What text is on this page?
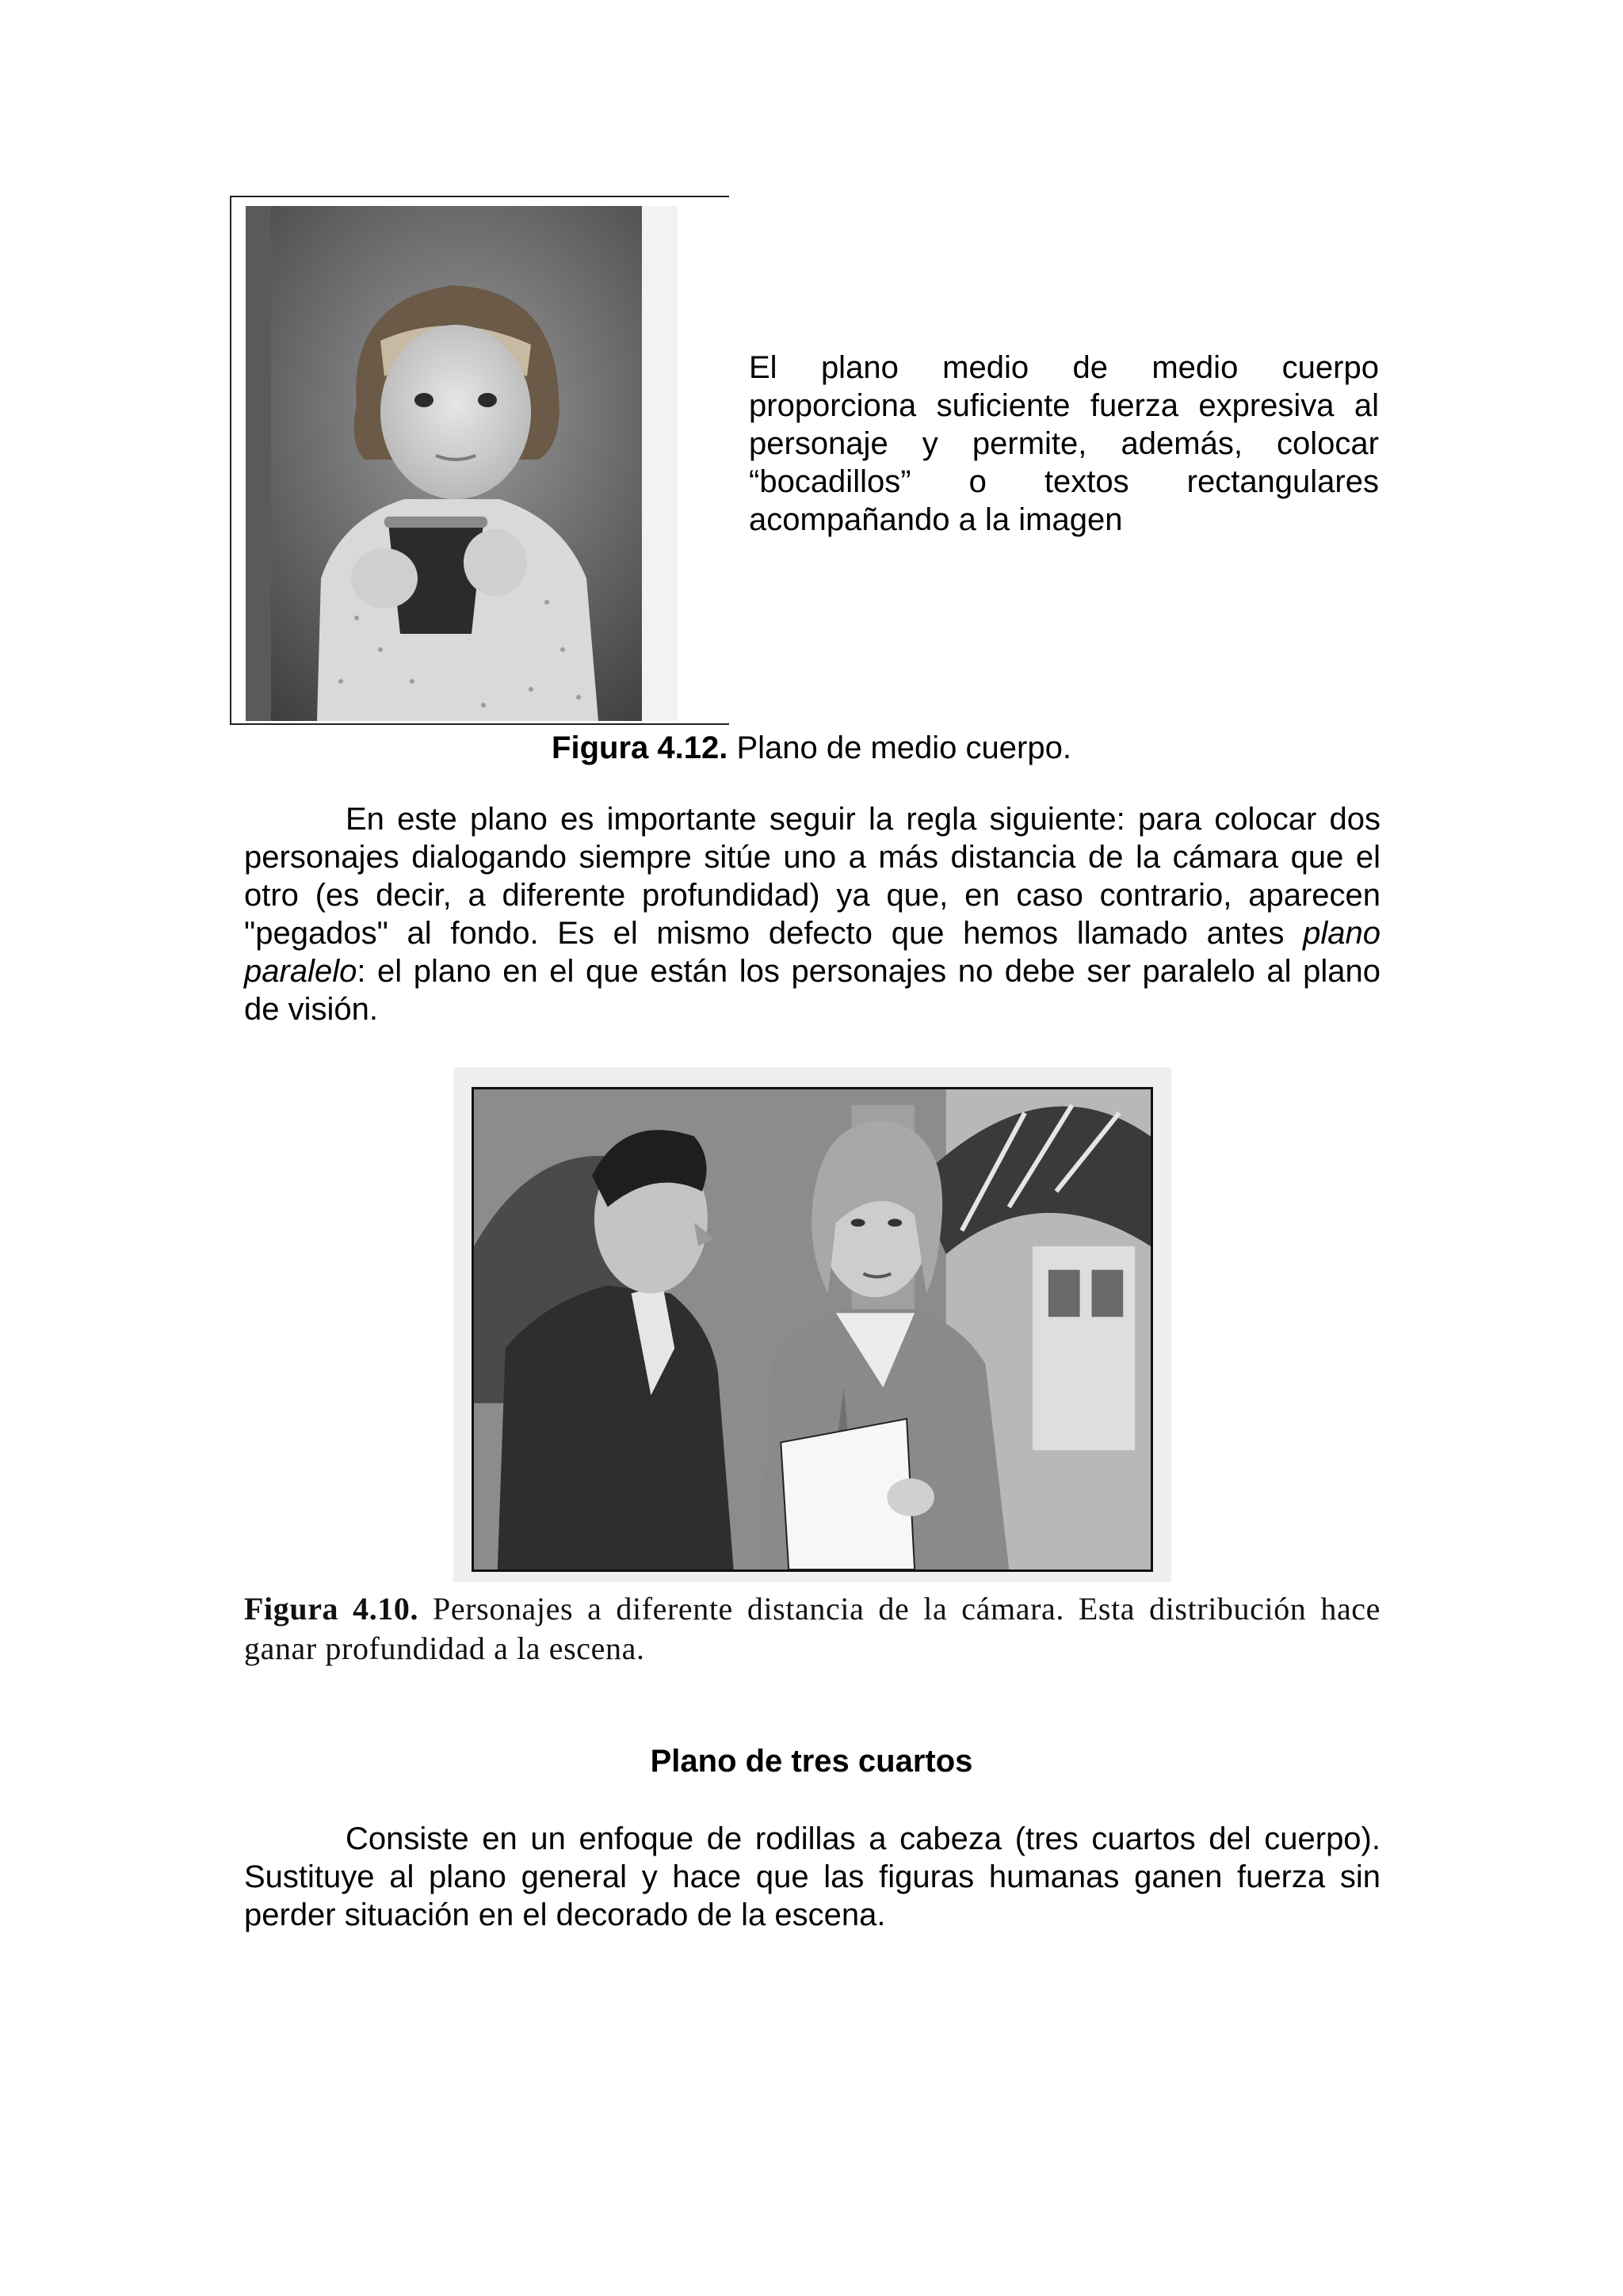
El plano medio de medio cuerpo proporciona suficiente fuerza expresiva al personaje y permite, además, colocar “bocadillos” o textos rectangulares acompañando a la imagen
Figura 4.12. Plano de medio cuerpo.
En este plano es importante seguir la regla siguiente: para colocar dos personajes dialogando siempre sitúe uno a más distancia de la cámara que el otro (es decir, a diferente profundidad) ya que, en caso contrario, aparecen "pegados" al fondo. Es el mismo defecto que hemos llamado antes plano paralelo: el plano en el que están los personajes no debe ser paralelo al plano de visión.
Figura 4.10. Personajes a diferente distancia de la cámara. Esta distribución hace ganar profundidad a la escena.
Plano de tres cuartos
Consiste en un enfoque de rodillas a cabeza (tres cuartos del cuerpo). Sustituye al plano general y hace que las figuras humanas ganen fuerza sin perder situación en el decorado de la escena.
